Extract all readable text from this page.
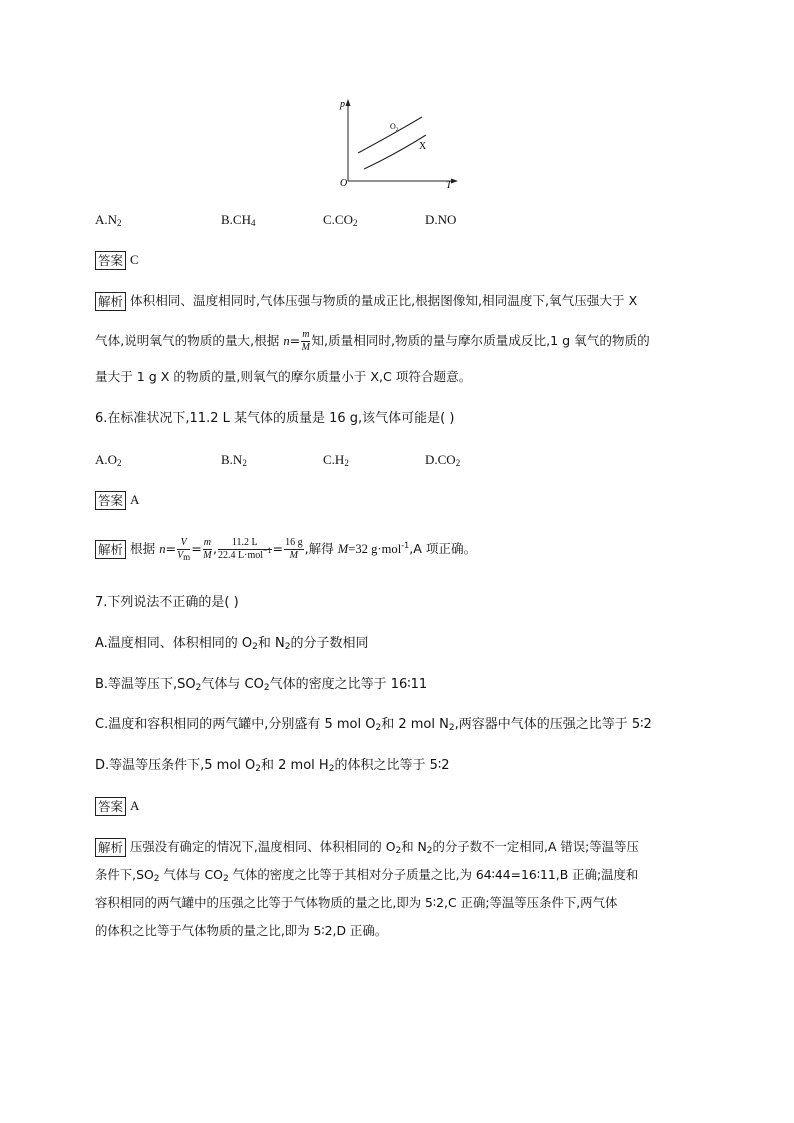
p
T
O
$O_2$
X
$A.N_2$	$B.CH_4$	$C.CO_2$	D.NO
答案 C
解析 体积相同、温度相同时,气体压强与物质的量成正比,根据图像知,相同温度下,氧气压强大于 X
气体,说明氧气的物质的量大,根据 $n= \frac{m}{M}$ 知,质量相同时,物质的量与摩尔质量成反比,1 g 氧气的物质的
量大于 1 g X 的物质的量,则氧气的摩尔质量小于 X,C 项符合题意。
6.在标准状况下,11.2 L 某气体的质量是 16 g,该气体可能是( )
$A.O_2$	$B.N_2$	$C.H_2$	$D.CO_2$
答案 A
解析 根据 $n= \frac{V}{V_m} = \frac{m}{M}$ , $\frac{11.2 L}{22.4 L\cdot mol^{-1}} = \frac{16 g}{M}$ ,解得 M=32 g·mol$^{-1}$,A 项正确。
7.下列说法不正确的是( )
A.温度相同、体积相同的 $O_2$和 $N_2$的分子数相同
B.等温等压下$,SO_2$气体与 $CO_2$气体的密度之比等于 16∶11
C.温度和容积相同的两气罐中,分别盛有 5 mol $O_2$和 2 mol $N_2$,两容器中气体的压强之比等于 5∶2
D.等温等压条件下,5 mol $O_2$和 2 mol $H_2$的体积之比等于 5∶2
答案 A
解析 压强没有确定的情况下,温度相同、体积相同的 $O_2$和 $N_2$的分子数不一定相同,A 错误;等温等压
条件下$,SO_2$ 气体与 $CO_2$ 气体的密度之比等于其相对分子质量之比,为 64∶44=16∶11,B 正确;温度和
容积相同的两气罐中的压强之比等于气体物质的量之比,即为 5∶2,C 正确;等温等压条件下,两气体
的体积之比等于气体物质的量之比,即为 5∶2,D 正确。
